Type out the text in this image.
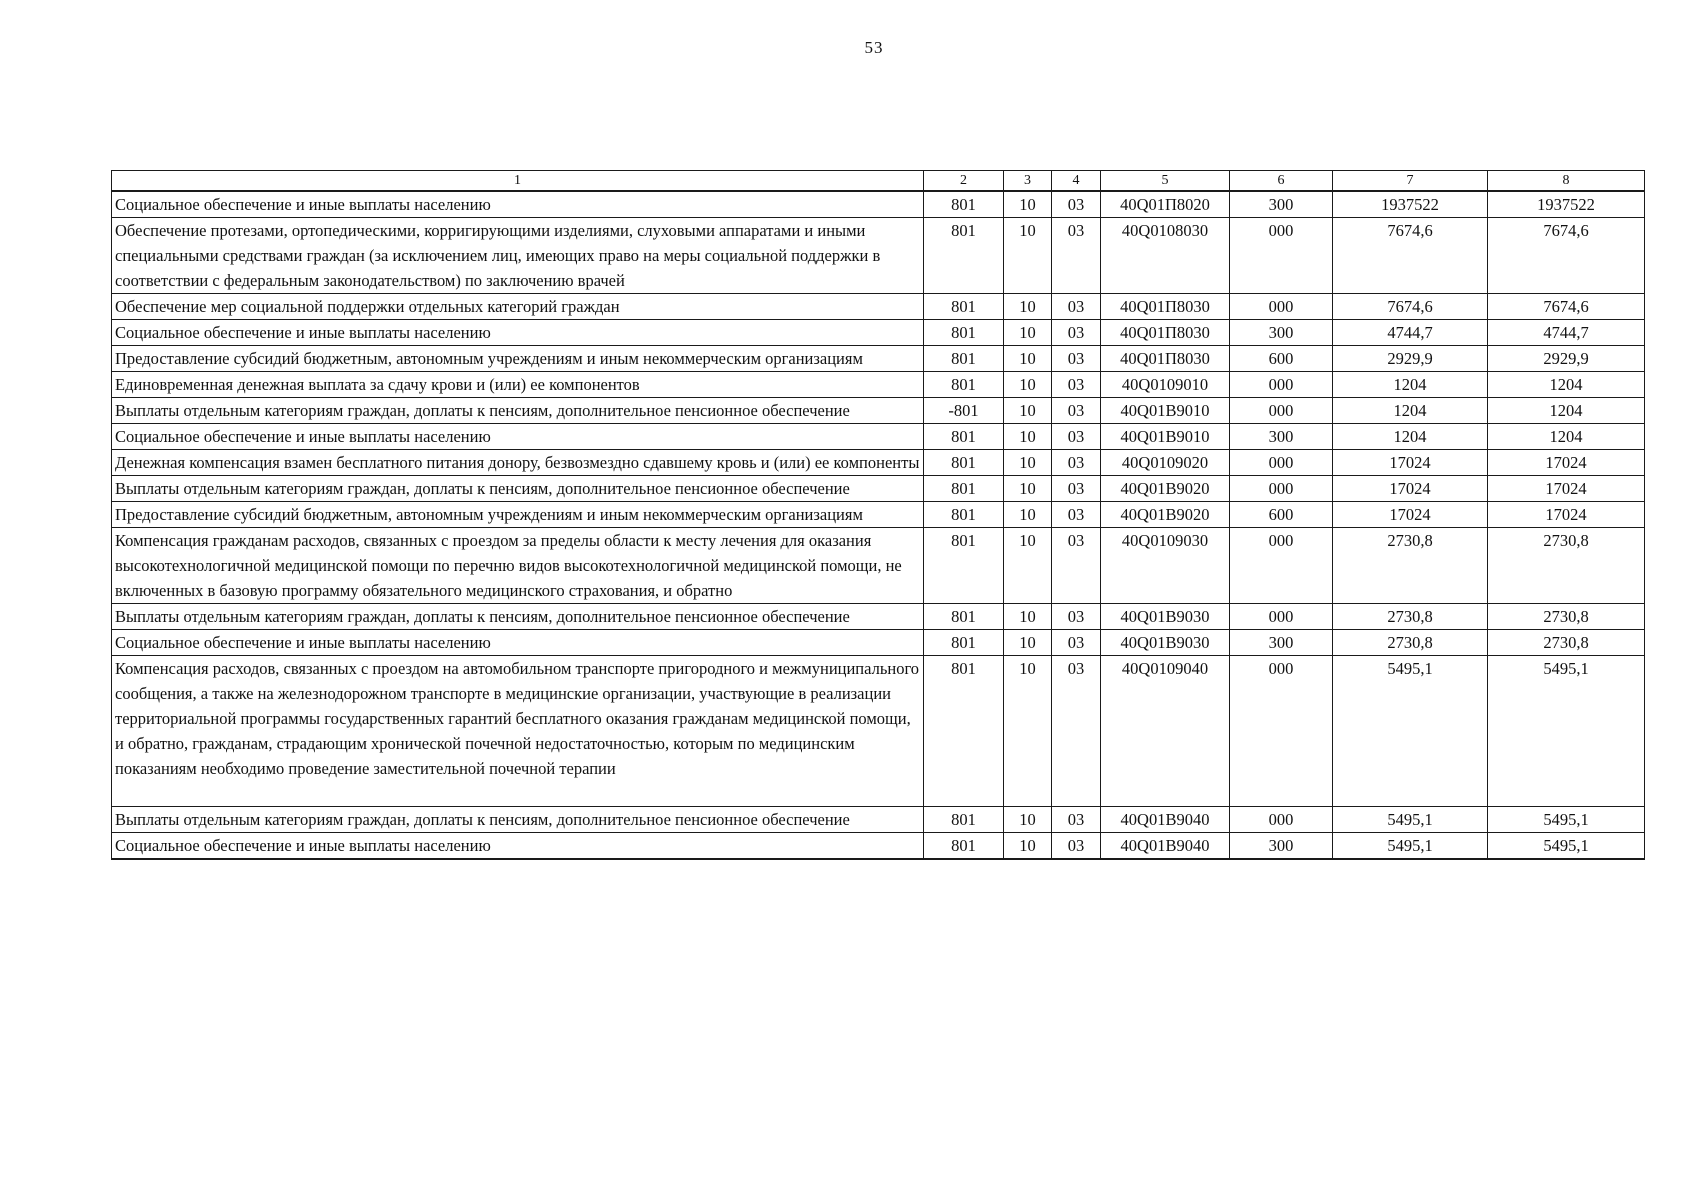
53
1	2	3	4	5	6	7	8
Социальное обеспечение и иные выплаты населению	801	10	03	40Q01П8020	300	1937522	1937522
Обеспечение протезами, ортопедическими, корригирующими изделиями, слуховыми аппаратами и иными специальными средствами граждан (за исключением лиц, имеющих право на меры социальной поддержки в соответствии с федеральным законодательством) по заключению врачей	801	10	03	40Q0108030	000	7674,6	7674,6
Обеспечение мер социальной поддержки отдельных категорий граждан	801	10	03	40Q01П8030	000	7674,6	7674,6
Социальное обеспечение и иные выплаты населению	801	10	03	40Q01П8030	300	4744,7	4744,7
Предоставление субсидий бюджетным, автономным учреждениям и иным некоммерческим организациям	801	10	03	40Q01П8030	600	2929,9	2929,9
Единовременная денежная выплата за сдачу крови и (или) ее компонентов	801	10	03	40Q0109010	000	1204	1204
Выплаты отдельным категориям граждан, доплаты к пенсиям, дополнительное пенсионное обеспечение	-801	10	03	40Q01В9010	000	1204	1204
Социальное обеспечение и иные выплаты населению	801	10	03	40Q01В9010	300	1204	1204
Денежная компенсация взамен бесплатного питания донору, безвозмездно сдавшему кровь и (или) ее компоненты	801	10	03	40Q0109020	000	17024	17024
Выплаты отдельным категориям граждан, доплаты к пенсиям, дополнительное пенсионное обеспечение	801	10	03	40Q01В9020	000	17024	17024
Предоставление субсидий бюджетным, автономным учреждениям и иным некоммерческим организациям	801	10	03	40Q01В9020	600	17024	17024
Компенсация гражданам расходов, связанных с проездом за пределы области к месту лечения для оказания высокотехнологичной медицинской помощи по перечню видов высокотехнологичной медицинской помощи, не включенных в базовую программу обязательного медицинского страхования, и обратно	801	10	03	40Q0109030	000	2730,8	2730,8
Выплаты отдельным категориям граждан, доплаты к пенсиям, дополнительное пенсионное обеспечение	801	10	03	40Q01В9030	000	2730,8	2730,8
Социальное обеспечение и иные выплаты населению	801	10	03	40Q01В9030	300	2730,8	2730,8
Компенсация расходов, связанных с проездом на автомобильном транспорте пригородного и межмуниципального сообщения, а также на железнодорожном транспорте в медицинские организации, участвующие в реализации территориальной программы государственных гарантий бесплатного оказания гражданам медицинской помощи, и обратно, гражданам, страдающим хронической почечной недостаточностью, которым по медицинским показаниям необходимо проведение заместительной почечной терапии	801	10	03	40Q0109040	000	5495,1	5495,1
Выплаты отдельным категориям граждан, доплаты к пенсиям, дополнительное пенсионное обеспечение	801	10	03	40Q01В9040	000	5495,1	5495,1
Социальное обеспечение и иные выплаты населению	801	10	03	40Q01В9040	300	5495,1	5495,1
